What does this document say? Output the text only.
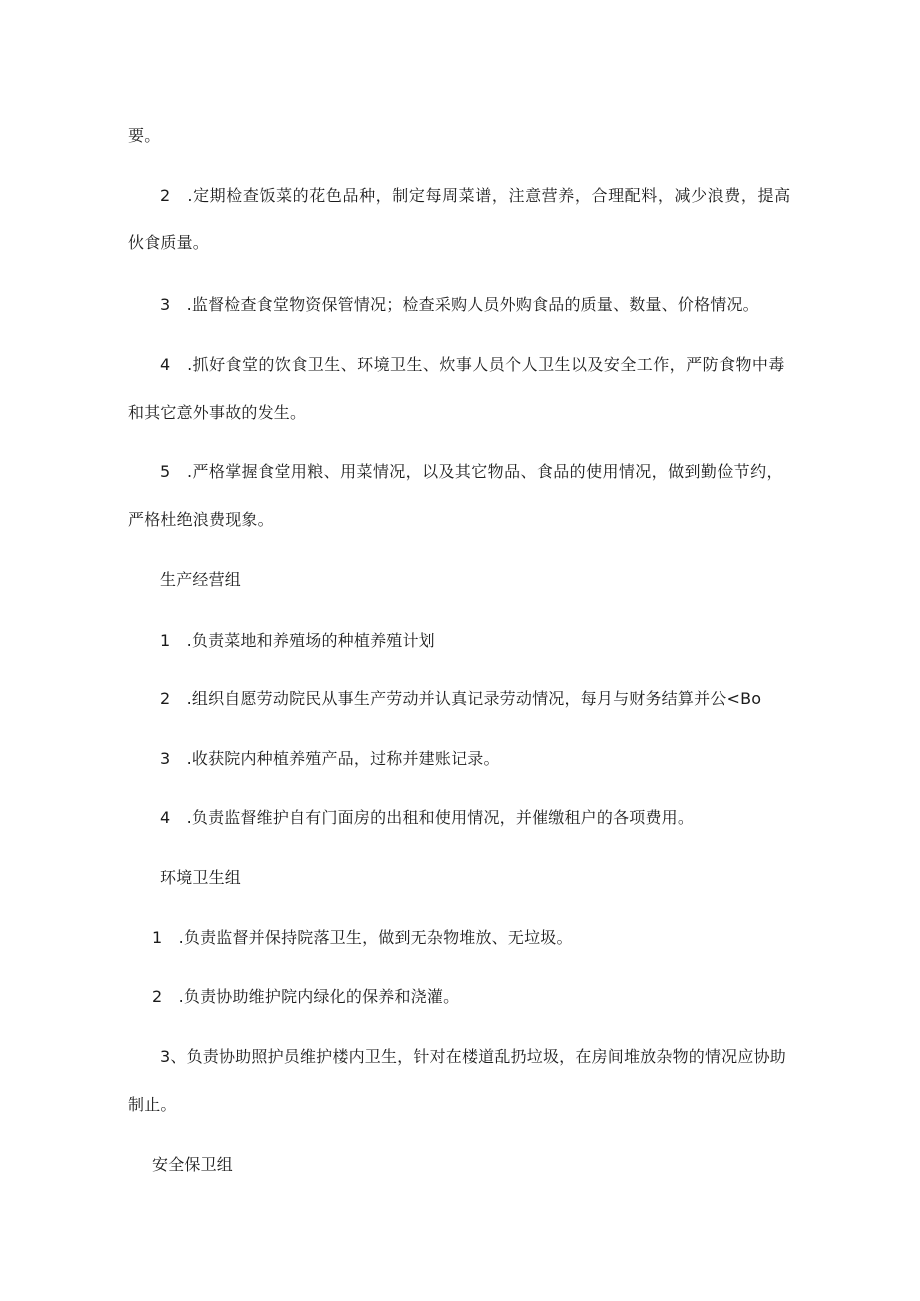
要。
2 .定期检查饭菜的花色品种，制定每周菜谱，注意营养，合理配料，减少浪费，提高
伙食质量。
3 .监督检查食堂物资保管情况；检查采购人员外购食品的质量、数量、价格情况。
4 .抓好食堂的饮食卫生、环境卫生、炊事人员个人卫生以及安全工作，严防食物中毒
和其它意外事故的发生。
5 .严格掌握食堂用粮、用菜情况，以及其它物品、食品的使用情况，做到勤俭节约，
严格杜绝浪费现象。
生产经营组
1 .负责菜地和养殖场的种植养殖计划
2 .组织自愿劳动院民从事生产劳动并认真记录劳动情况，每月与财务结算并公<Bo
3 .收获院内种植养殖产品，过称并建账记录。
4 .负责监督维护自有门面房的出租和使用情况，并催缴租户的各项费用。
环境卫生组
1 .负责监督并保持院落卫生，做到无杂物堆放、无垃圾。
2 .负责协助维护院内绿化的保养和浇灌。
3、负责协助照护员维护楼内卫生，针对在楼道乱扔垃圾，在房间堆放杂物的情况应协助
制止。
安全保卫组
